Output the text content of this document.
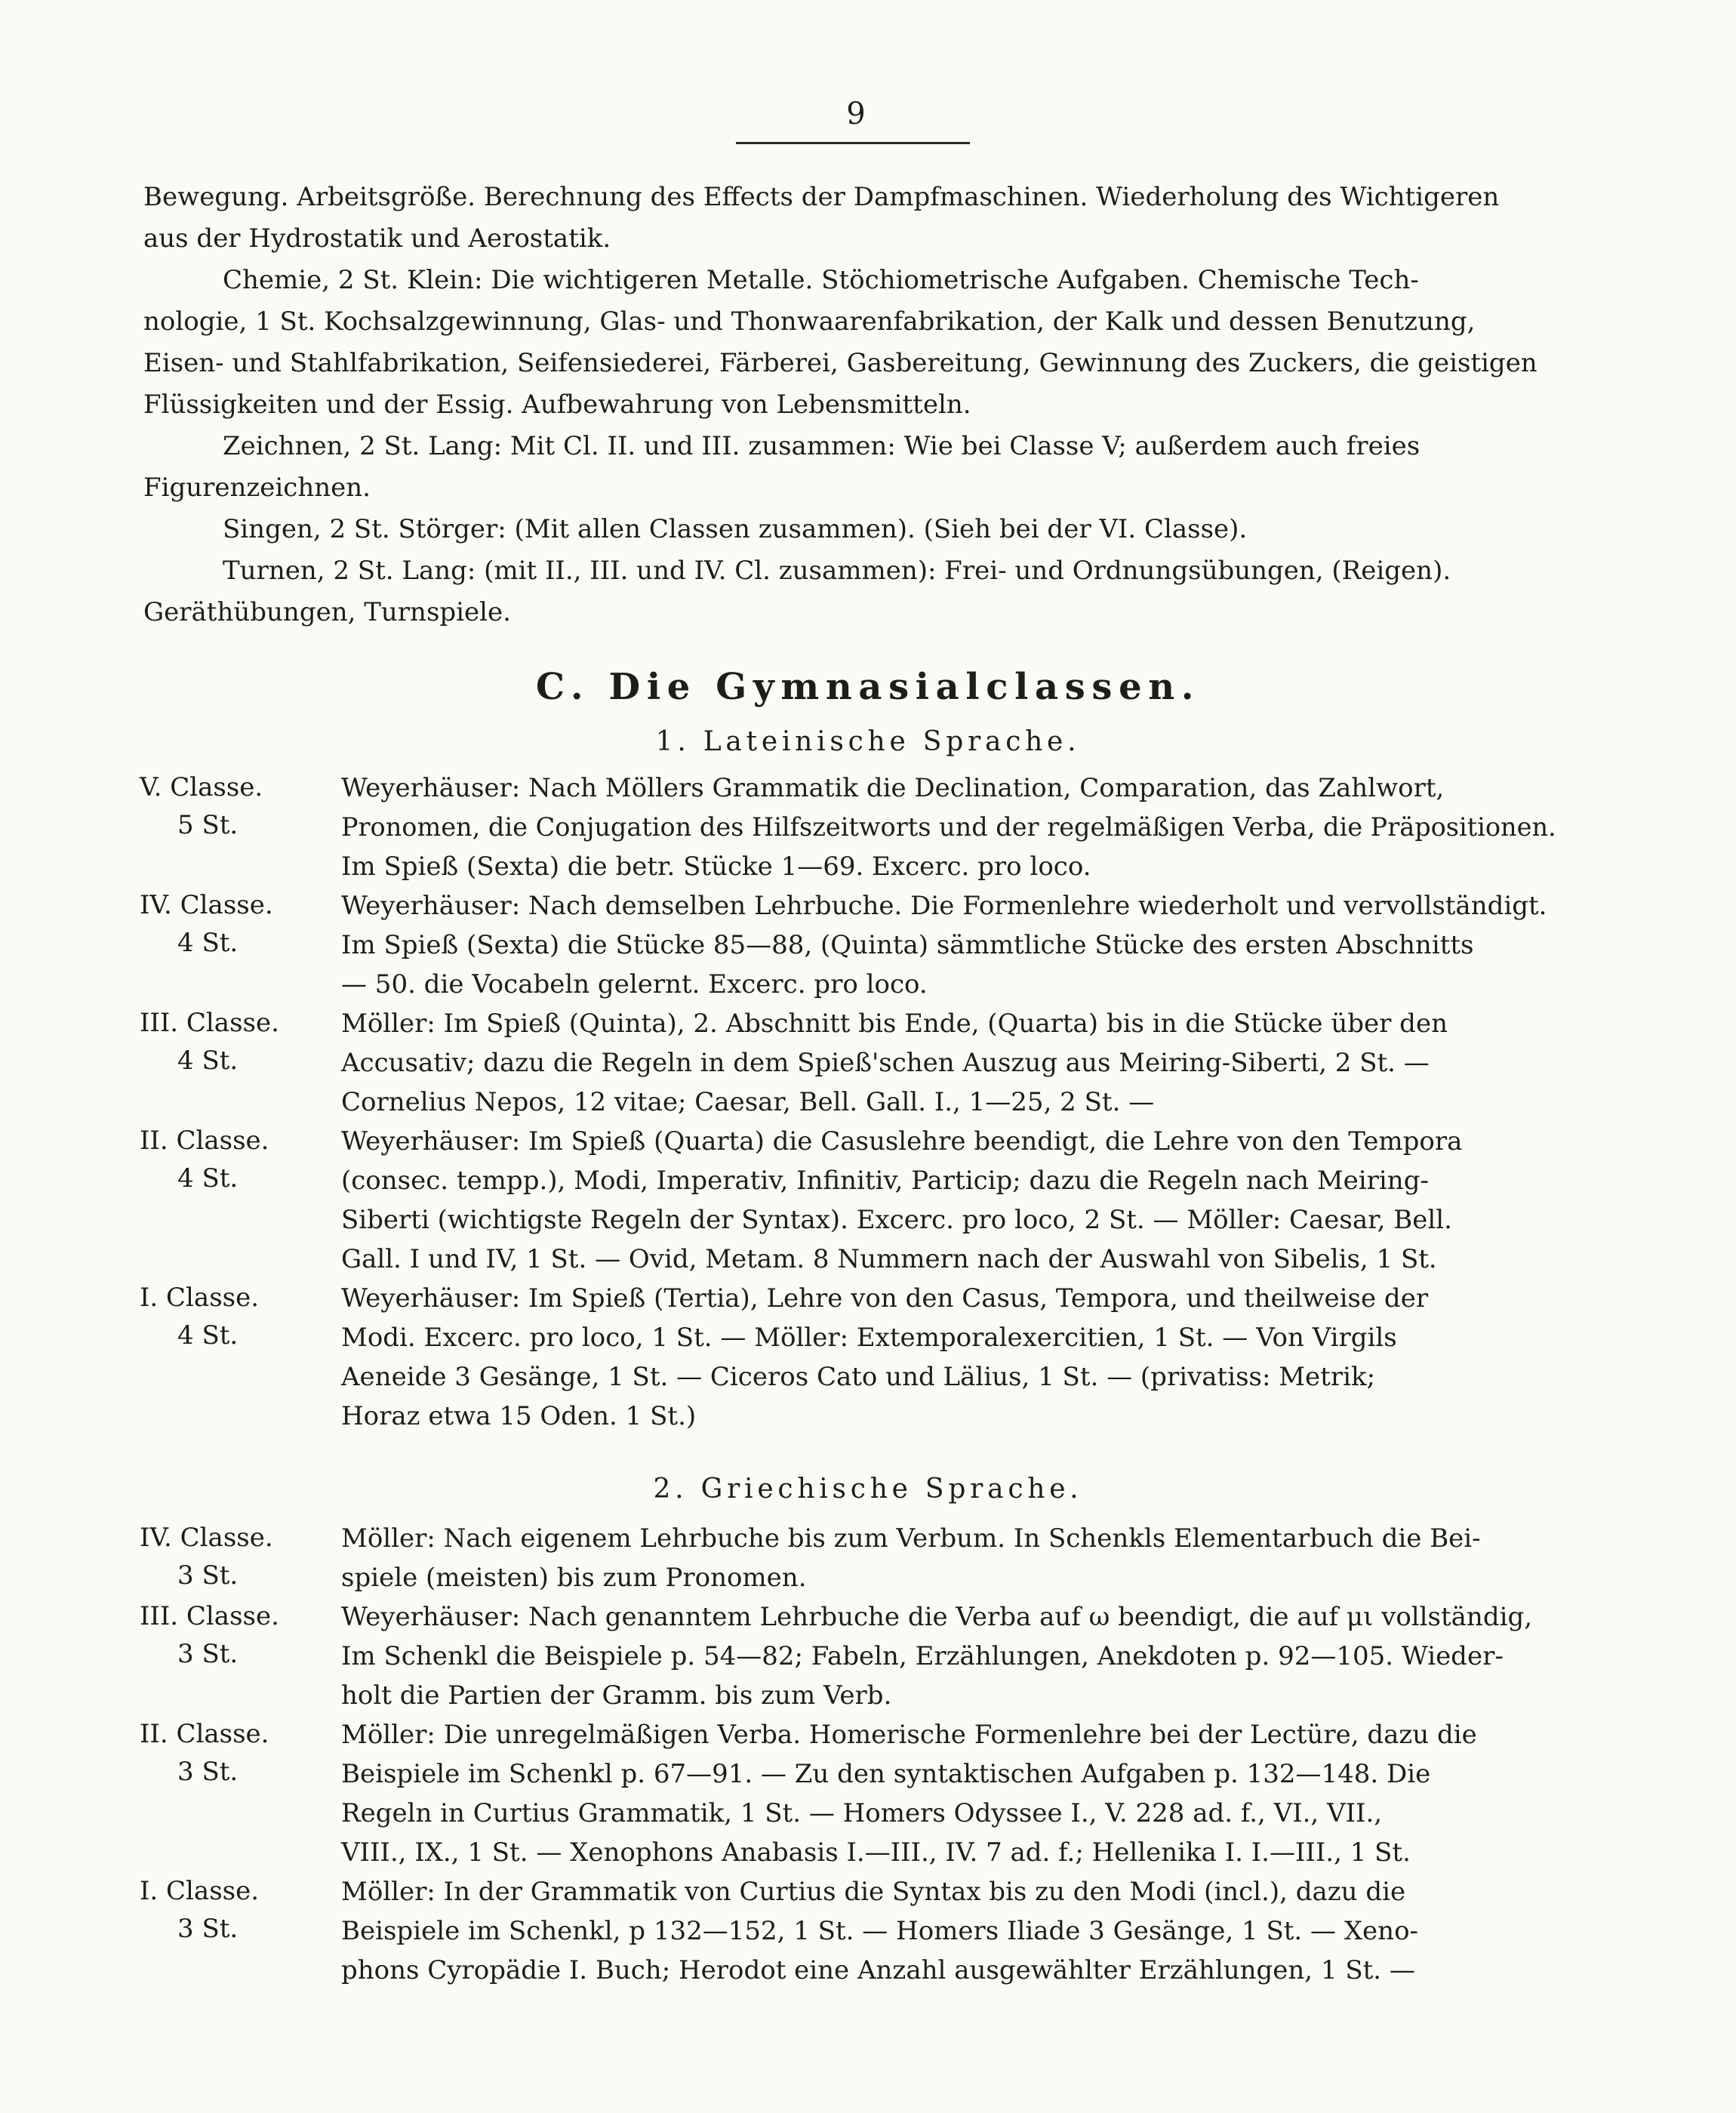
9
Bewegung. Arbeitsgröße. Berechnung des Effects der Dampfmaschinen. Wiederholung des Wichtigeren
aus der Hydrostatik und Aerostatik.
Chemie, 2 St. Klein: Die wichtigeren Metalle. Stöchiometrische Aufgaben. Chemische Tech-
nologie, 1 St. Kochsalzgewinnung, Glas- und Thonwaarenfabrikation, der Kalk und dessen Benutzung,
Eisen- und Stahlfabrikation, Seifensiederei, Färberei, Gasbereitung, Gewinnung des Zuckers, die geistigen
Flüssigkeiten und der Essig. Aufbewahrung von Lebensmitteln.
Zeichnen, 2 St. Lang: Mit Cl. II. und III. zusammen: Wie bei Classe V; außerdem auch freies
Figurenzeichnen.
Singen, 2 St. Störger: (Mit allen Classen zusammen). (Sieh bei der VI. Classe).
Turnen, 2 St. Lang: (mit II., III. und IV. Cl. zusammen): Frei- und Ordnungsübungen, (Reigen).
Geräthübungen, Turnspiele.
C. Die Gymnasialclassen.
1. Lateinische Sprache.
V. Classe.
5 St.
Weyerhäuser: Nach Möllers Grammatik die Declination, Comparation, das Zahlwort,
Pronomen, die Conjugation des Hilfszeitworts und der regelmäßigen Verba, die Präpositionen.
Im Spieß (Sexta) die betr. Stücke 1—69. Excerc. pro loco.
IV. Classe.
4 St.
Weyerhäuser: Nach demselben Lehrbuche. Die Formenlehre wiederholt und vervollständigt.
Im Spieß (Sexta) die Stücke 85—88, (Quinta) sämmtliche Stücke des ersten Abschnitts
— 50. die Vocabeln gelernt. Excerc. pro loco.
III. Classe.
4 St.
Möller: Im Spieß (Quinta), 2. Abschnitt bis Ende, (Quarta) bis in die Stücke über den
Accusativ; dazu die Regeln in dem Spieß'schen Auszug aus Meiring-Siberti, 2 St. —
Cornelius Nepos, 12 vitae; Caesar, Bell. Gall. I., 1—25, 2 St. —
II. Classe.
4 St.
Weyerhäuser: Im Spieß (Quarta) die Casuslehre beendigt, die Lehre von den Tempora
(consec. tempp.), Modi, Imperativ, Infinitiv, Particip; dazu die Regeln nach Meiring-
Siberti (wichtigste Regeln der Syntax). Excerc. pro loco, 2 St. — Möller: Caesar, Bell.
Gall. I und IV, 1 St. — Ovid, Metam. 8 Nummern nach der Auswahl von Sibelis, 1 St.
I. Classe.
4 St.
Weyerhäuser: Im Spieß (Tertia), Lehre von den Casus, Tempora, und theilweise der
Modi. Excerc. pro loco, 1 St. — Möller: Extemporalexercitien, 1 St. — Von Virgils
Aeneide 3 Gesänge, 1 St. — Ciceros Cato und Lälius, 1 St. — (privatiss: Metrik;
Horaz etwa 15 Oden. 1 St.)
2. Griechische Sprache.
IV. Classe.
3 St.
Möller: Nach eigenem Lehrbuche bis zum Verbum. In Schenkls Elementarbuch die Bei-
spiele (meisten) bis zum Pronomen.
III. Classe.
3 St.
Weyerhäuser: Nach genanntem Lehrbuche die Verba auf ω beendigt, die auf μι vollständig,
Im Schenkl die Beispiele p. 54—82; Fabeln, Erzählungen, Anekdoten p. 92—105. Wieder-
holt die Partien der Gramm. bis zum Verb.
II. Classe.
3 St.
Möller: Die unregelmäßigen Verba. Homerische Formenlehre bei der Lectüre, dazu die
Beispiele im Schenkl p. 67—91. — Zu den syntaktischen Aufgaben p. 132—148. Die
Regeln in Curtius Grammatik, 1 St. — Homers Odyssee I., V. 228 ad. f., VI., VII.,
VIII., IX., 1 St. — Xenophons Anabasis I.—III., IV. 7 ad. f.; Hellenika I. I.—III., 1 St.
I. Classe.
3 St.
Möller: In der Grammatik von Curtius die Syntax bis zu den Modi (incl.), dazu die
Beispiele im Schenkl, p 132—152, 1 St. — Homers Iliade 3 Gesänge, 1 St. — Xeno-
phons Cyropädie I. Buch; Herodot eine Anzahl ausgewählter Erzählungen, 1 St. —
